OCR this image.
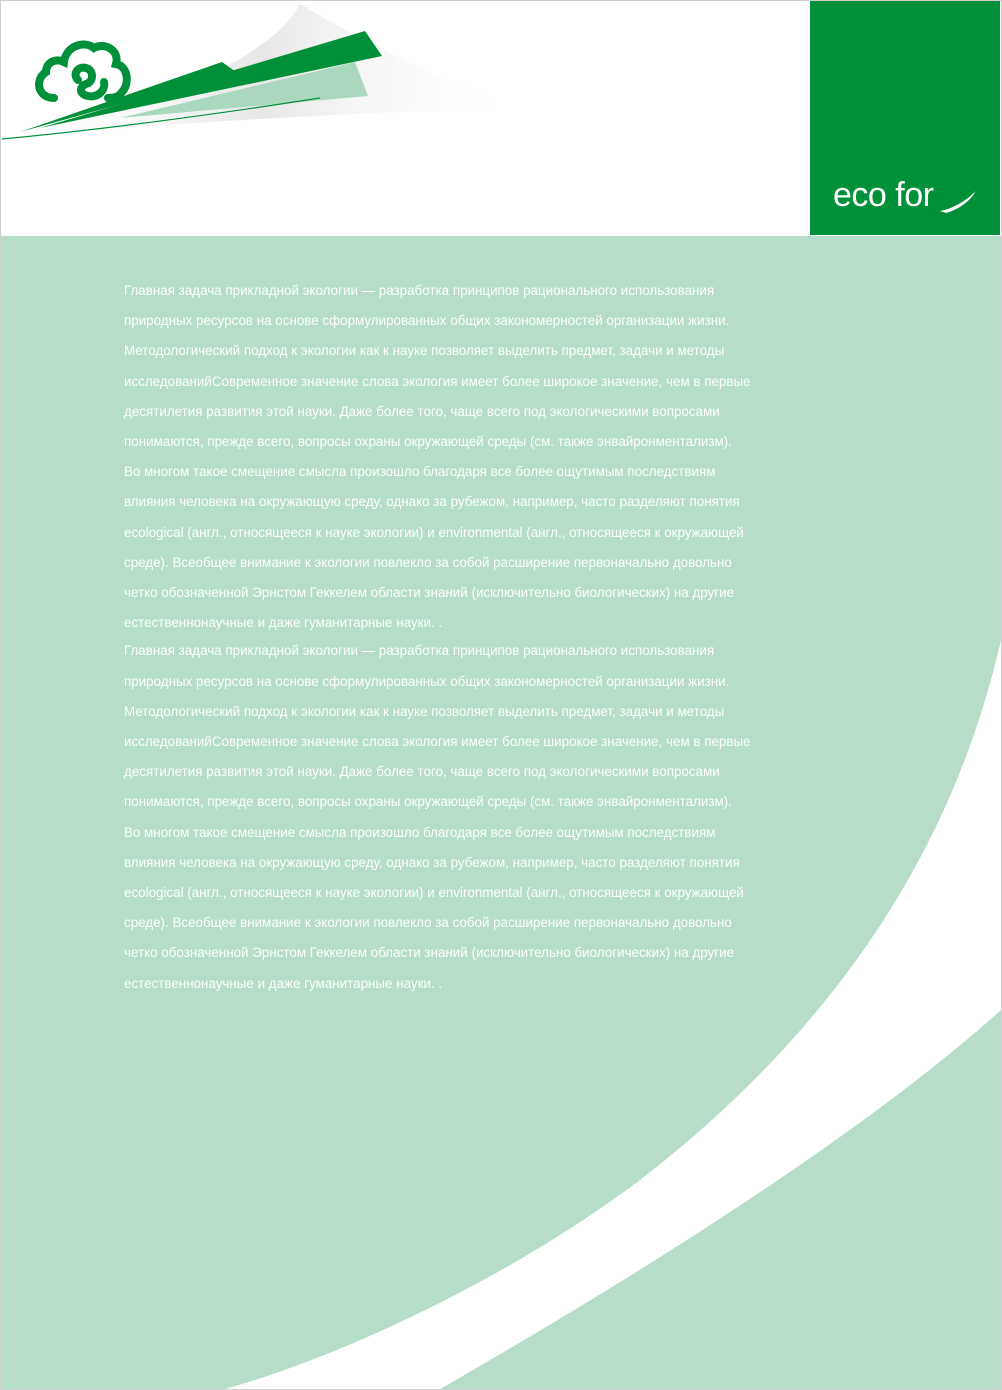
eco for

Главная задача прикладной экологии — разработка принципов рационального использования

природных ресурсов на основе сформулированных общих закономерностей организации жизни.

Методологический подход к экологии как к науке позволяет выделить предмет, задачи и методы

исследованийСовременное значение слова экология имеет более широкое значение, чем в первые

десятилетия развития этой науки. Даже более того, чаще всего под экологическими вопросами

понимаются, прежде всего, вопросы охраны окружающей среды (см. также энвайронментализм).

Во многом такое смещение смысла произошло благодаря все более ощутимым последствиям

влияния человека на окружающую среду, однако за рубежом, например, часто разделяют понятия

ecological (англ., относящееся к науке экологии) и environmental (англ., относящееся к окружающей

среде). Всеобщее внимание к экологии повлекло за собой расширение первоначально довольно

четко обозначенной Эрнстом Геккелем области знаний (исключительно биологических) на другие

естественнонаучные и даже гуманитарные науки. .

Главная задача прикладной экологии — разработка принципов рационального использования

природных ресурсов на основе сформулированных общих закономерностей организации жизни.

Методологический подход к экологии как к науке позволяет выделить предмет, задачи и методы

исследованийСовременное значение слова экология имеет более широкое значение, чем в первые

десятилетия развития этой науки. Даже более того, чаще всего под экологическими вопросами

понимаются, прежде всего, вопросы охраны окружающей среды (см. также энвайронментализм).

Во многом такое смещение смысла произошло благодаря все более ощутимым последствиям

влияния человека на окружающую среду, однако за рубежом, например, часто разделяют понятия

ecological (англ., относящееся к науке экологии) и environmental (англ., относящееся к окружающей

среде). Всеобщее внимание к экологии повлекло за собой расширение первоначально довольно

четко обозначенной Эрнстом Геккелем области знаний (исключительно биологических) на другие

естественнонаучные и даже гуманитарные науки. .
